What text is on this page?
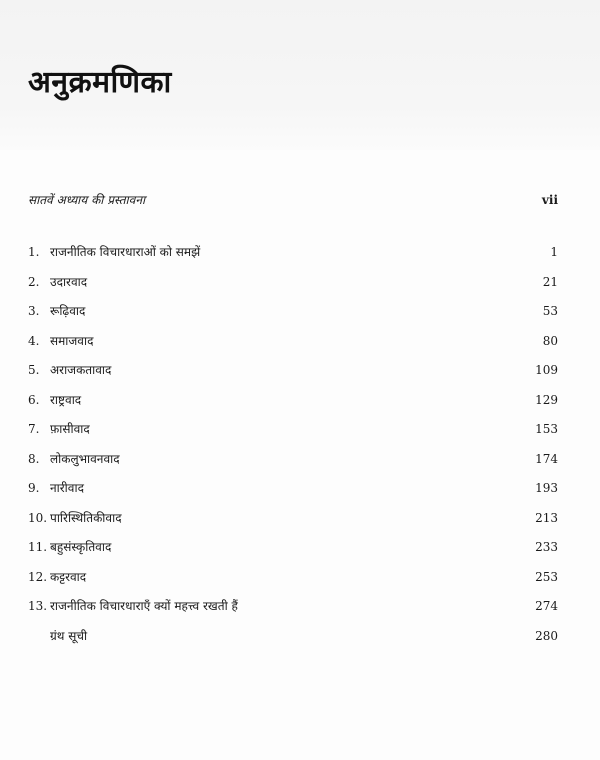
अनुक्रमणिका
सातवें अध्याय की प्रस्तावना	vii
1. राजनीतिक विचारधाराओं को समझें	1
2. उदारवाद	21
3. रूढ़िवाद	53
4. समाजवाद	80
5. अराजकतावाद	109
6. राष्ट्रवाद	129
7. फ़ासीवाद	153
8. लोकलुभावनवाद	174
9. नारीवाद	193
10. पारिस्थितिकीवाद	213
11. बहुसंस्कृतिवाद	233
12. कट्टरवाद	253
13. राजनीतिक विचारधाराएँ क्यों महत्त्व रखती हैं	274
ग्रंथ सूची	280
